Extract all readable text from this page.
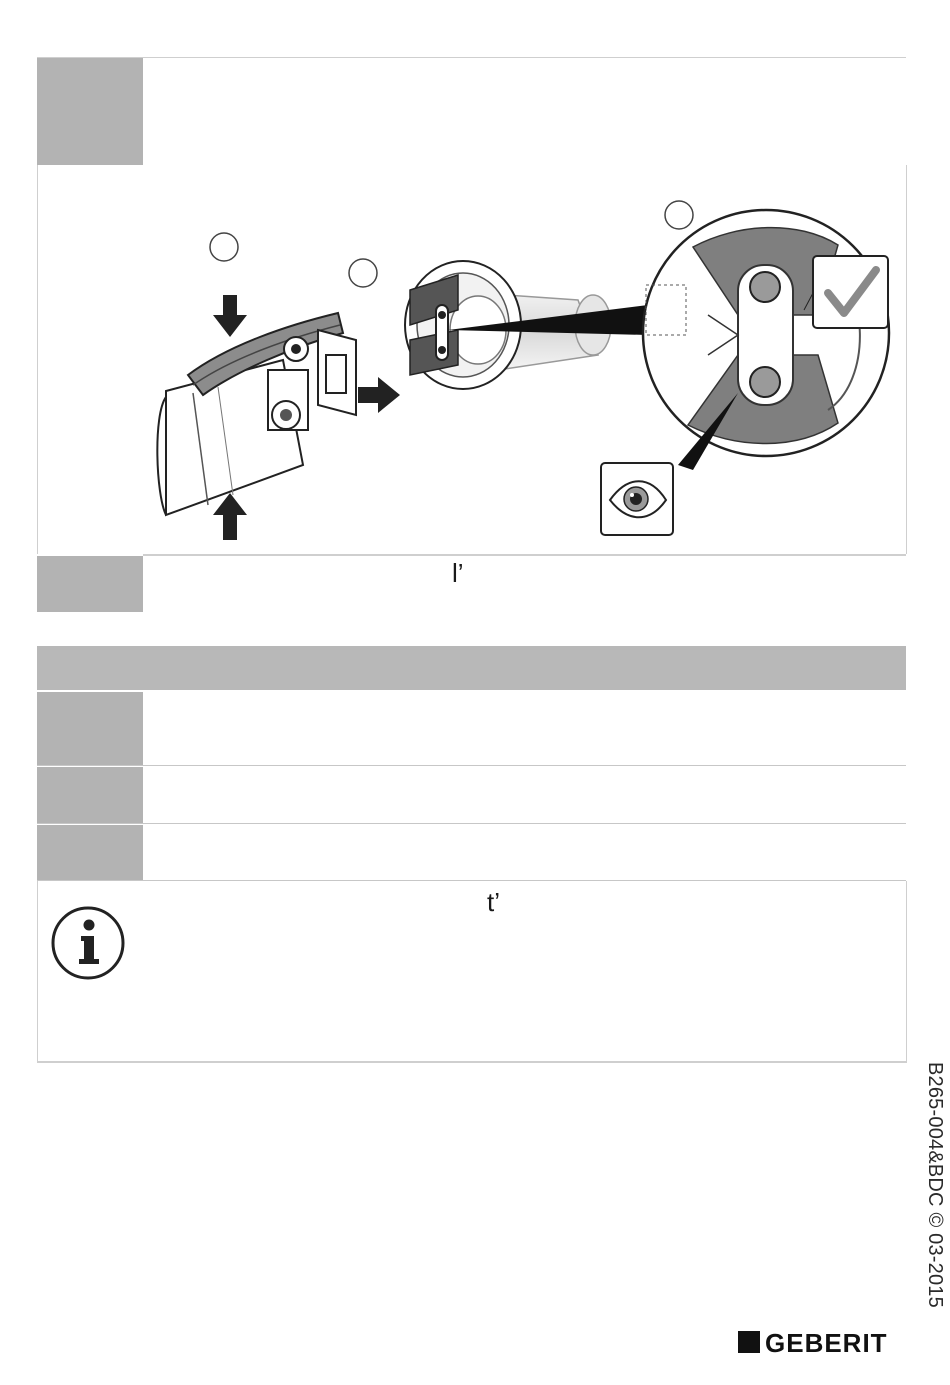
l’
t’
B265-004&BDC © 03-2015
GEBERIT
